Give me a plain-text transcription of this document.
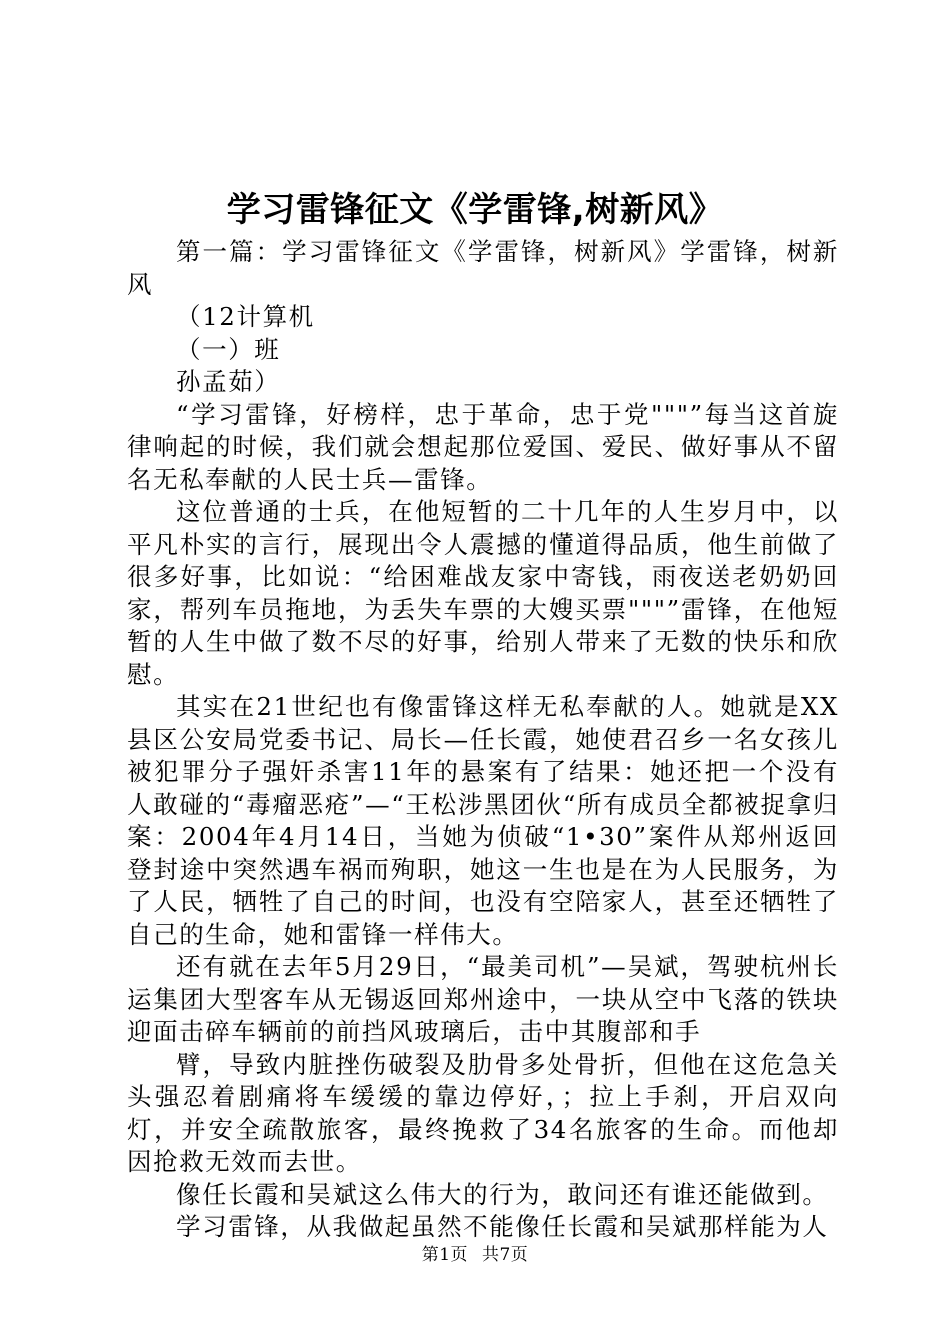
学习雷锋征文《学雷锋,树新风》

第一篇：学习雷锋征文《学雷锋，树新风》学雷锋，树新风

（12计算机

（一）班

孙孟茹）

“学习雷锋，好榜样，忠于革命，忠于党"""”每当这首旋律响起的时候，我们就会想起那位爱国、爱民、做好事从不留名无私奉献的人民士兵—雷锋。

这位普通的士兵，在他短暂的二十几年的人生岁月中，以平凡朴实的言行，展现出令人震撼的懂道得品质，他生前做了很多好事，比如说：“给困难战友家中寄钱，雨夜送老奶奶回家，帮列车员拖地，为丢失车票的大嫂买票"""”雷锋，在他短暂的人生中做了数不尽的好事，给别人带来了无数的快乐和欣慰。

其实在21世纪也有像雷锋这样无私奉献的人。她就是XX县区公安局党委书记、局长—任长霞，她使君召乡一名女孩儿被犯罪分子强奸杀害11年的悬案有了结果：她还把一个没有人敢碰的“毒瘤恶疮”—“王松涉黑团伙“所有成员全都被捉拿归案：2004年4月14日，当她为侦破“1•30”案件从郑州返回登封途中突然遇车祸而殉职，她这一生也是在为人民服务，为了人民，牺牲了自己的时间，也没有空陪家人，甚至还牺牲了自己的生命，她和雷锋一样伟大。

还有就在去年5月29日，“最美司机”—吴斌，驾驶杭州长运集团大型客车从无锡返回郑州途中，一块从空中飞落的铁块迎面击碎车辆前的前挡风玻璃后，击中其腹部和手

臂，导致内脏挫伤破裂及肋骨多处骨折，但他在这危急关头强忍着剧痛将车缓缓的靠边停好，；拉上手刹，开启双向灯，并安全疏散旅客，最终挽救了34名旅客的生命。而他却因抢救无效而去世。

像任长霞和吴斌这么伟大的行为，敢问还有谁还能做到。

学习雷锋，从我做起虽然不能像任长霞和吴斌那样能为人

第1页 共7页
